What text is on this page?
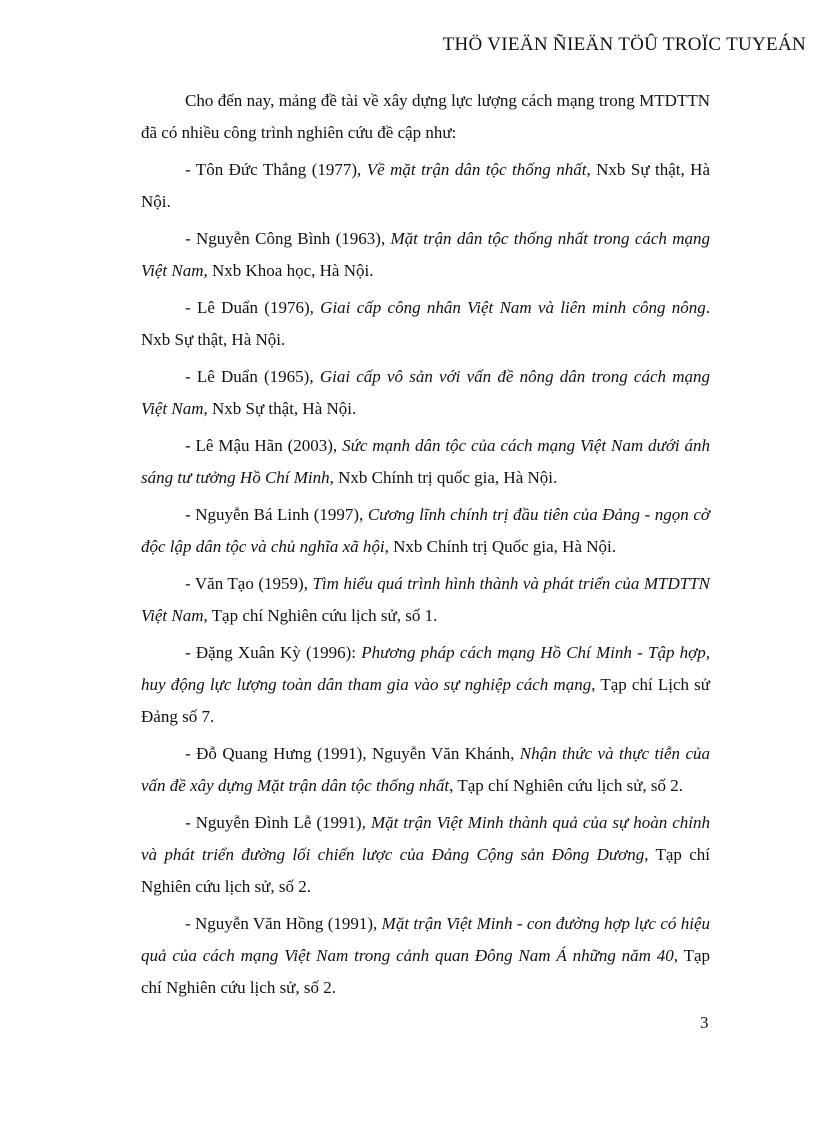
THÖ VIEÄN ÑIEÄN TÖÛ TROÏC TUYEÁN

Cho đến nay, mảng đề tài về xây dựng lực lượng cách mạng trong MTDTTN đã có nhiều công trình nghiên cứu đề cập như:

- Tôn Đức Thắng (1977), Về mặt trận dân tộc thống nhất, Nxb Sự thật, Hà Nội.

- Nguyễn Công Bình (1963), Mặt trận dân tộc thống nhất trong cách mạng Việt Nam, Nxb Khoa học, Hà Nội.

- Lê Duẩn (1976), Giai cấp công nhân Việt Nam và liên minh công nông. Nxb Sự thật, Hà Nội.

- Lê Duẩn (1965), Giai cấp vô sản với vấn đề nông dân trong cách mạng Việt Nam, Nxb Sự thật, Hà Nội.

- Lê Mậu Hãn (2003), Sức mạnh dân tộc của cách mạng Việt Nam dưới ánh sáng tư tưởng Hồ Chí Minh, Nxb Chính trị quốc gia, Hà Nội.

- Nguyễn Bá Linh (1997), Cương lĩnh chính trị đầu tiên của Đảng - ngọn cờ độc lập dân tộc và chủ nghĩa xã hội, Nxb Chính trị Quốc gia, Hà Nội.

- Văn Tạo (1959), Tìm hiểu quá trình hình thành và phát triển của MTDTTN Việt Nam, Tạp chí Nghiên cứu lịch sử, số 1.

- Đặng Xuân Kỳ (1996): Phương pháp cách mạng Hồ Chí Minh - Tập hợp, huy động lực lượng toàn dân tham gia vào sự nghiệp cách mạng, Tạp chí Lịch sử Đảng số 7.

- Đỗ Quang Hưng (1991), Nguyễn Văn Khánh, Nhận thức và thực tiễn của vấn đề xây dựng Mặt trận dân tộc thống nhất, Tạp chí Nghiên cứu lịch sử, số 2.

- Nguyễn Đình Lễ (1991), Mặt trận Việt Minh thành quả của sự hoàn chỉnh và phát triển đường lối chiến lược của Đảng Cộng sản Đông Dương, Tạp chí Nghiên cứu lịch sử, số 2.

- Nguyễn Văn Hồng (1991), Mặt trận Việt Minh - con đường hợp lực có hiệu quả của cách mạng Việt Nam trong cảnh quan Đông Nam Á những năm 40, Tạp chí Nghiên cứu lịch sử, số 2.

3
